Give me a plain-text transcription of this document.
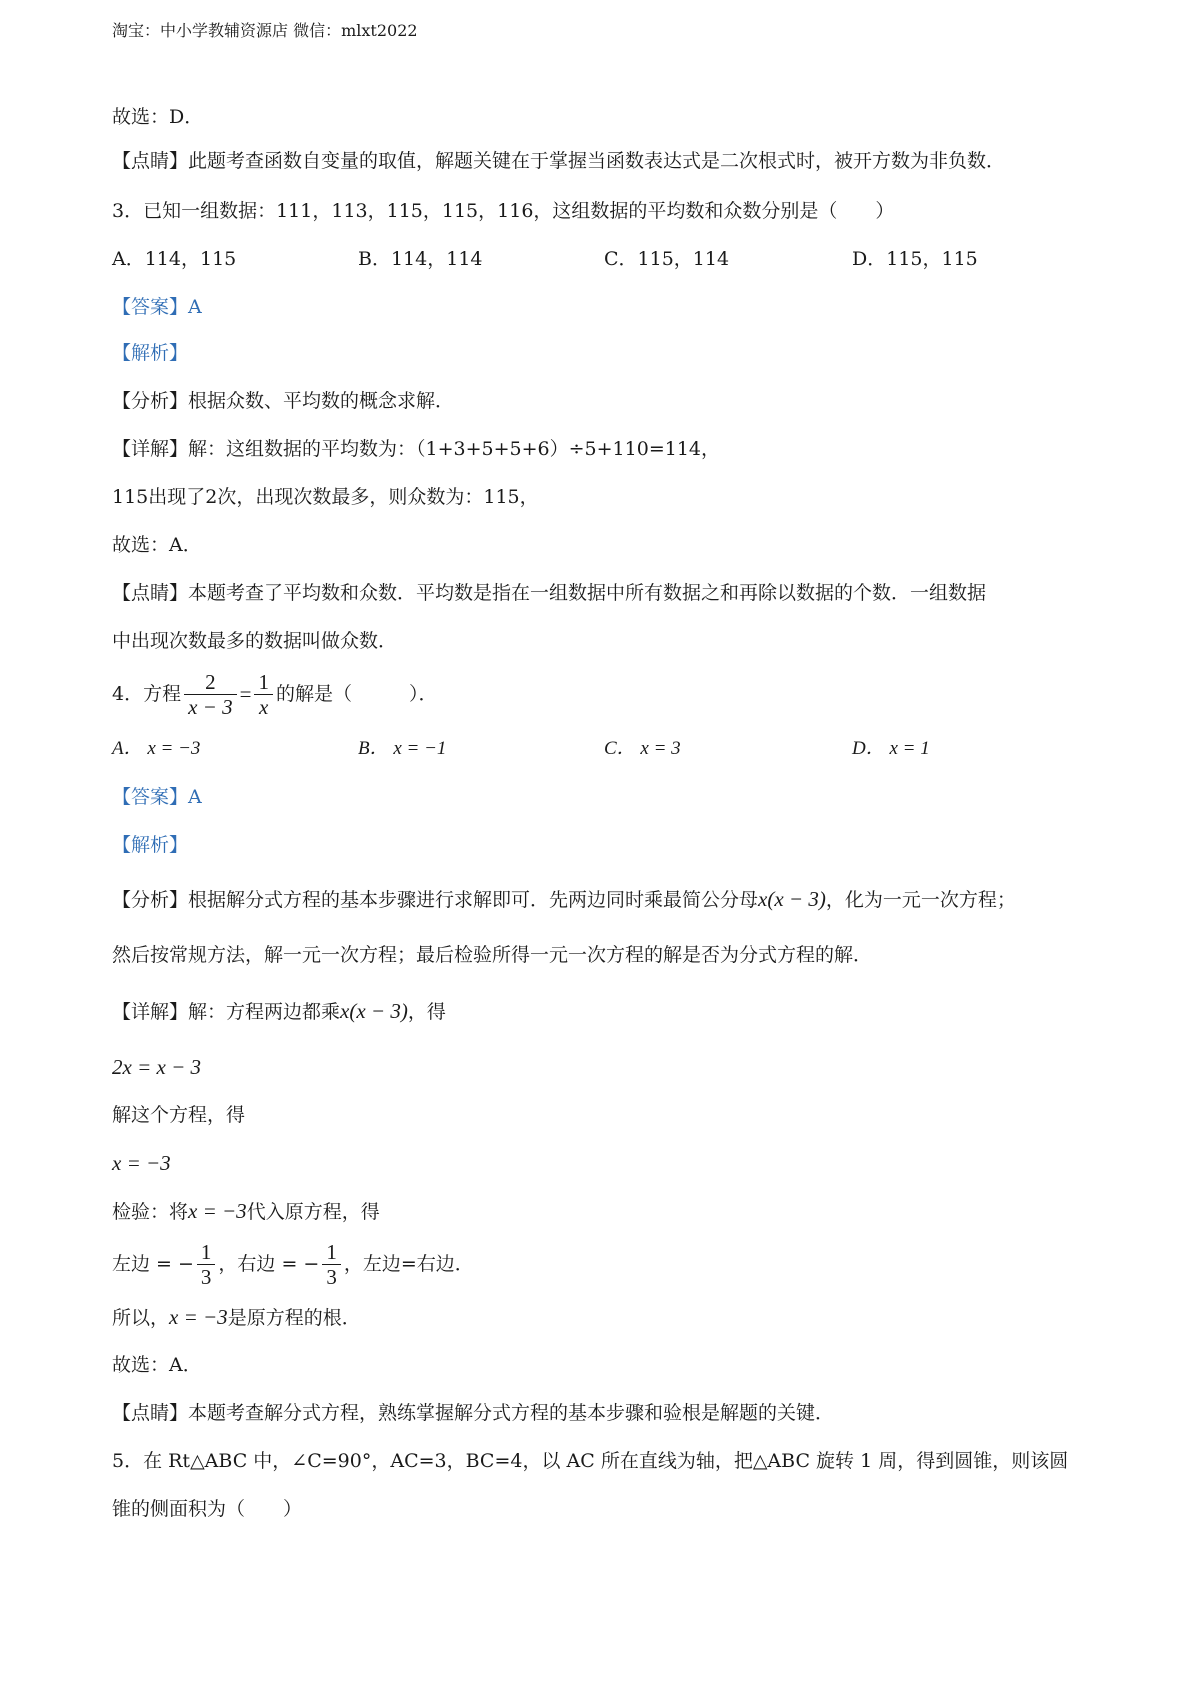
淘宝：中小学教辅资源店 微信：mlxt2022
故选：D．
【点睛】此题考查函数自变量的取值，解题关键在于掌握当函数表达式是二次根式时，被开方数为非负数．
3．已知一组数据：111，113，115，115，116，这组数据的平均数和众数分别是（　　）
A．114，115	B．114，114	C．115，114	D．115，115
【答案】A
【解析】
【分析】根据众数、平均数的概念求解．
【详解】解：这组数据的平均数为：（1+3+5+5+6）÷5+110=114，
115出现了2次，出现次数最多，则众数为：115，
故选：A．
【点睛】本题考查了平均数和众数．平均数是指在一组数据中所有数据之和再除以数据的个数．一组数据
中出现次数最多的数据叫做众数．
4．方程 $\frac{2}{x - 3} = \frac{1}{x}$ 的解是（　　　）．
A． x = −3	B． x = −1	C． x = 3	D． x = 1
【答案】A
【解析】
【分析】根据解分式方程的基本步骤进行求解即可．先两边同时乘最简公分母x(x − 3)，化为一元一次方程；
然后按常规方法，解一元一次方程；最后检验所得一元一次方程的解是否为分式方程的解．
【详解】解：方程两边都乘x(x − 3)，得
2x = x − 3
解这个方程，得
x = −3
检验：将x = −3代入原方程，得
左边 = − $\frac{1}{3}$ ，右边 = − $\frac{1}{3}$ ，左边=右边．
所以，x = −3是原方程的根．
故选：A．
【点睛】本题考查解分式方程，熟练掌握解分式方程的基本步骤和验根是解题的关键．
5．在 Rt△ABC 中，∠C=90°，AC=3，BC=4，以 AC 所在直线为轴，把△ABC 旋转 1 周，得到圆锥，则该圆
锥的侧面积为（　　）
